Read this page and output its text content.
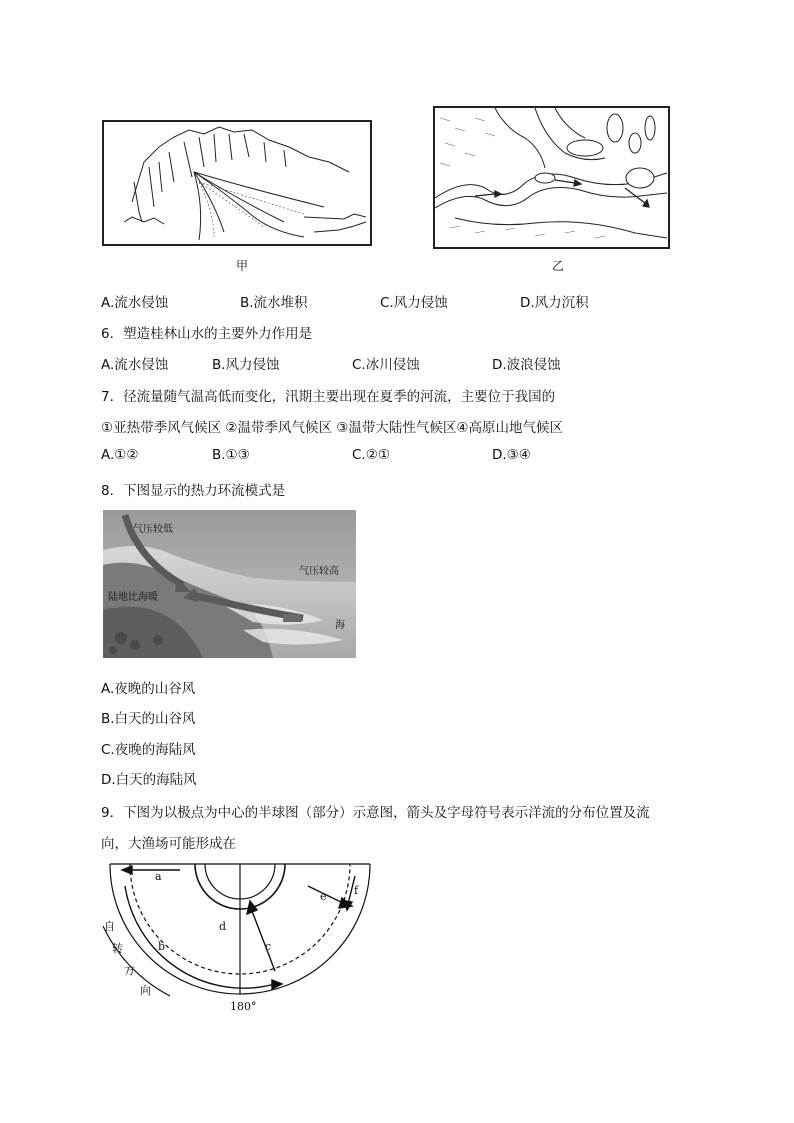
甲	乙
A.流水侵蚀	B.流水堆积	C.风力侵蚀	D.风力沉积
6．塑造桂林山水的主要外力作用是
A.流水侵蚀	B.风力侵蚀	C.冰川侵蚀	D.波浪侵蚀
7．径流量随气温高低而变化，汛期主要出现在夏季的河流，主要位于我国的
①亚热带季风气候区 ②温带季风气候区 ③温带大陆性气候区④高原山地气候区
A.①②	B.①③	C.②①	D.③④
8．下图显示的热力环流模式是
气压较低
气压较高
陆地比海暖
海
A.夜晚的山谷风
B.白天的山谷风
C.夜晚的海陆风
D.白天的海陆风
9．下图为以极点为中心的半球图（部分）示意图，箭头及字母符号表示洋流的分布位置及流
向，大渔场可能形成在
a
b	c
d
e f
自
转
方
向
180°
